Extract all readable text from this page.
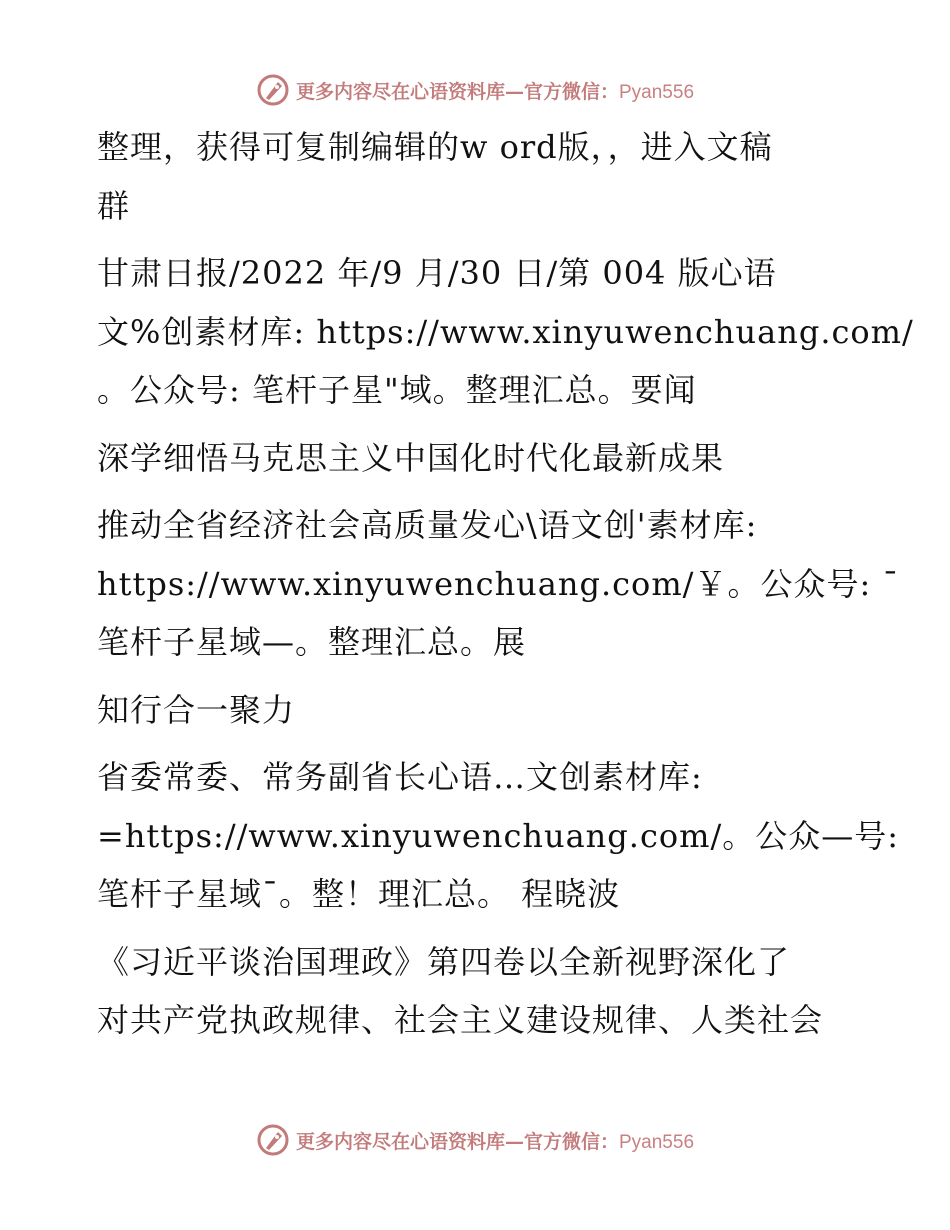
更多内容尽在心语资料库—官方微信：Pyan556

整理，获得可复制编辑的w ord版，，进入文稿
群

甘肃日报/2022 年/9 月/30 日/第 004 版心语
文%创素材库: https://www.xinyuwenchuang.com/
。公众号: 笔杆子星"域。整理汇总。要闻

深学细悟马克思主义中国化时代化最新成果

推动全省经济社会高质量发心\语文创'素材库:
https://www.xinyuwenchuang.com/￥。公众号: ¯
笔杆子星域—。整理汇总。展

知行合一聚力

省委常委、常务副省长心语…文创素材库:
=https://www.xinyuwenchuang.com/。公众—号:
笔杆子星域¯。整！理汇总。 程晓波

《习近平谈治国理政》第四卷以全新视野深化了
对共产党执政规律、社会主义建设规律、人类社会

更多内容尽在心语资料库—官方微信：Pyan556
